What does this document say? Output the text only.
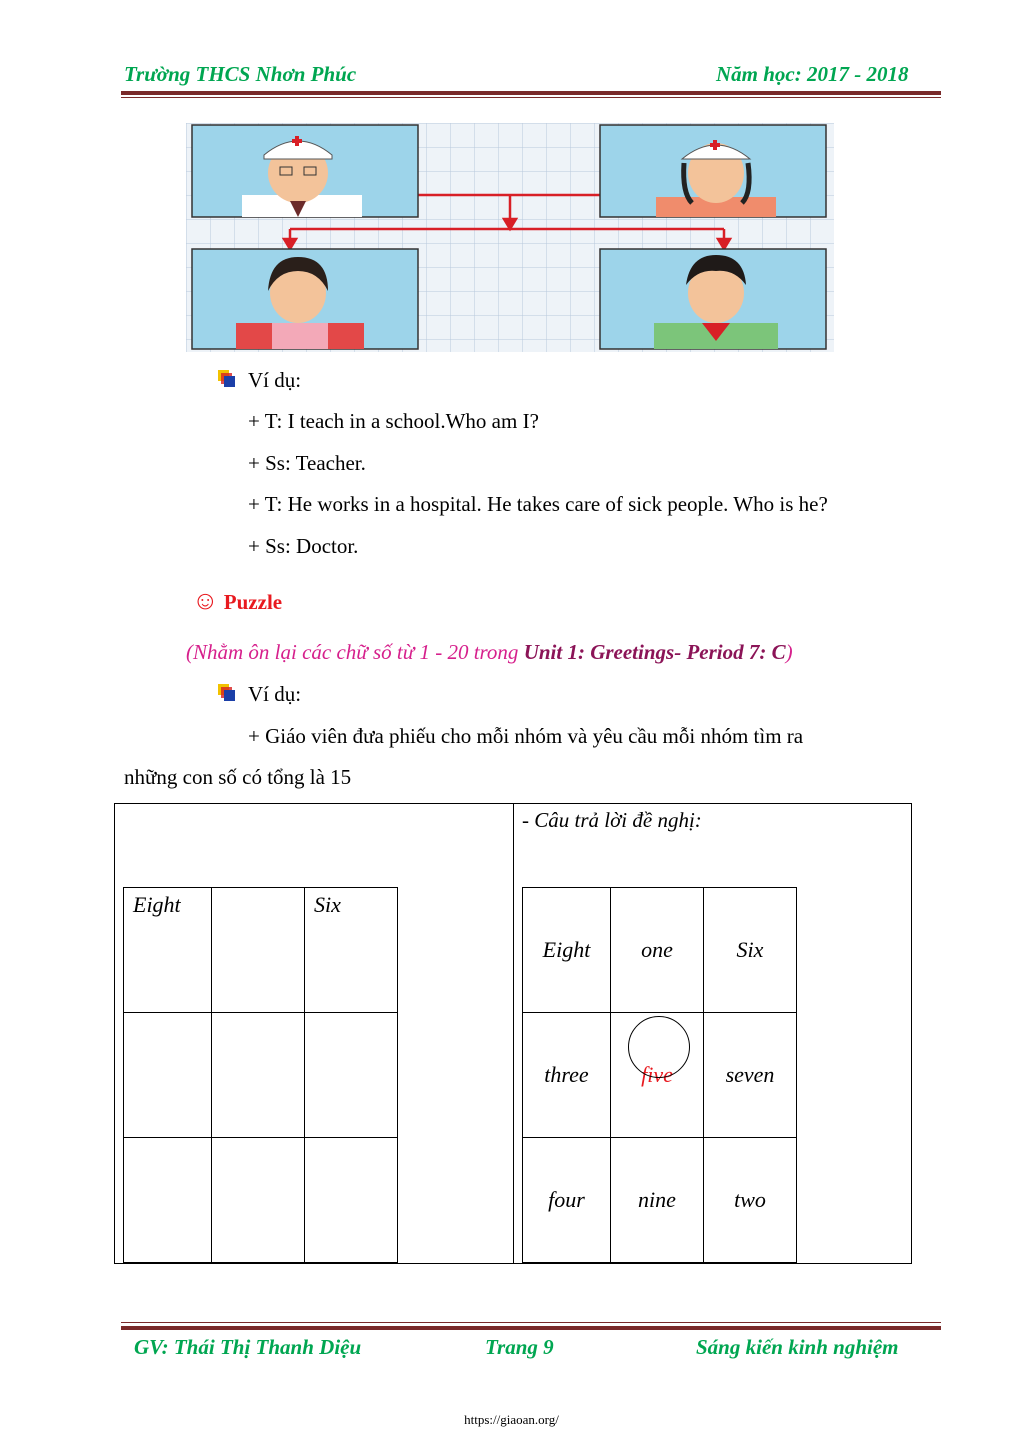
Trường THCS Nhơn Phúc	Năm học: 2017 - 2018
Ví dụ:
+ T: I teach in a school.Who am I?
+ Ss: Teacher.
+ T: He works in a hospital. He takes care of sick people. Who is he?
+ Ss: Doctor.
☺ Puzzle
(Nhằm ôn lại các chữ số từ 1 - 20 trong Unit 1: Greetings- Period 7: C)
Ví dụ:
+ Giáo viên đưa phiếu cho mỗi nhóm và yêu cầu mỗi nhóm tìm ra
những con số có tổng là 15
- Câu trả lời đề nghị:
Eight		Six

Eight	one	Six
three	five	seven
four	nine	two
GV: Thái Thị Thanh Diệu	Trang 9	Sáng kiến kinh nghiệm
https://giaoan.org/
